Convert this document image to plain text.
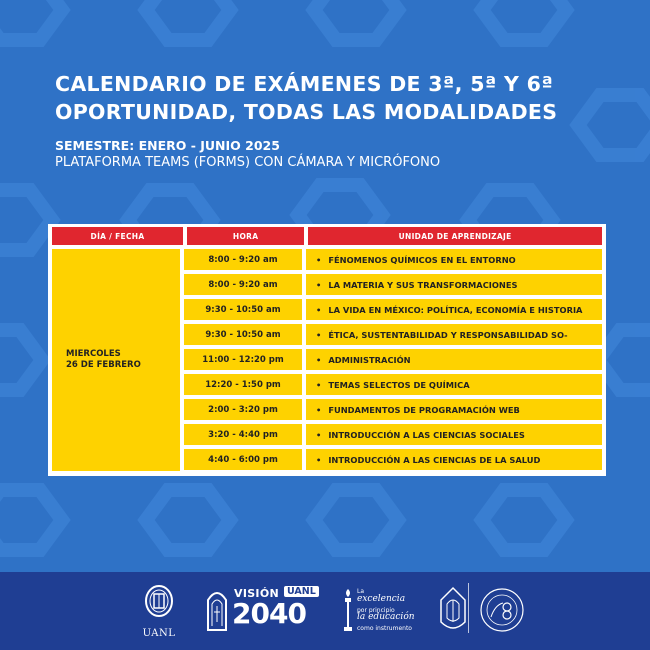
CALENDARIO DE EXÁMENES DE 3ª, 5ª Y 6ª
OPORTUNIDAD, TODAS LAS MODALIDADES
SEMESTRE: ENERO - JUNIO 2025
PLATAFORMA TEAMS (FORMS) CON CÁMARA Y MICRÓFONO
DÍA / FECHA	HORA	UNIDAD DE APRENDIZAJE
MIERCOLES
26 DE FEBRERO
8:00 - 9:20 am	• FÉNOMENOS QUÍMICOS EN EL ENTORNO
8:00 - 9:20 am	• LA MATERIA Y SUS TRANSFORMACIONES
9:30 - 10:50 am	• LA VIDA EN MÉXICO: POLÍTICA, ECONOMÍA E HISTORIA
9:30 - 10:50 am	• ÉTICA, SUSTENTABILIDAD Y RESPONSABILIDAD SO-
11:00 - 12:20 pm	• ADMINISTRACIÓN
12:20 - 1:50 pm	• TEMAS SELECTOS DE QUÍMICA
2:00 - 3:20 pm	• FUNDAMENTOS DE PROGRAMACIÓN WEB
3:20 - 4:40 pm	• INTRODUCCIÓN A LAS CIENCIAS SOCIALES
4:40 - 6:00 pm	• INTRODUCCIÓN A LAS CIENCIAS DE LA SALUD
UANL
VISIÓN UANL
2040
La
excelencia
por principio
la educación
como instrumento
